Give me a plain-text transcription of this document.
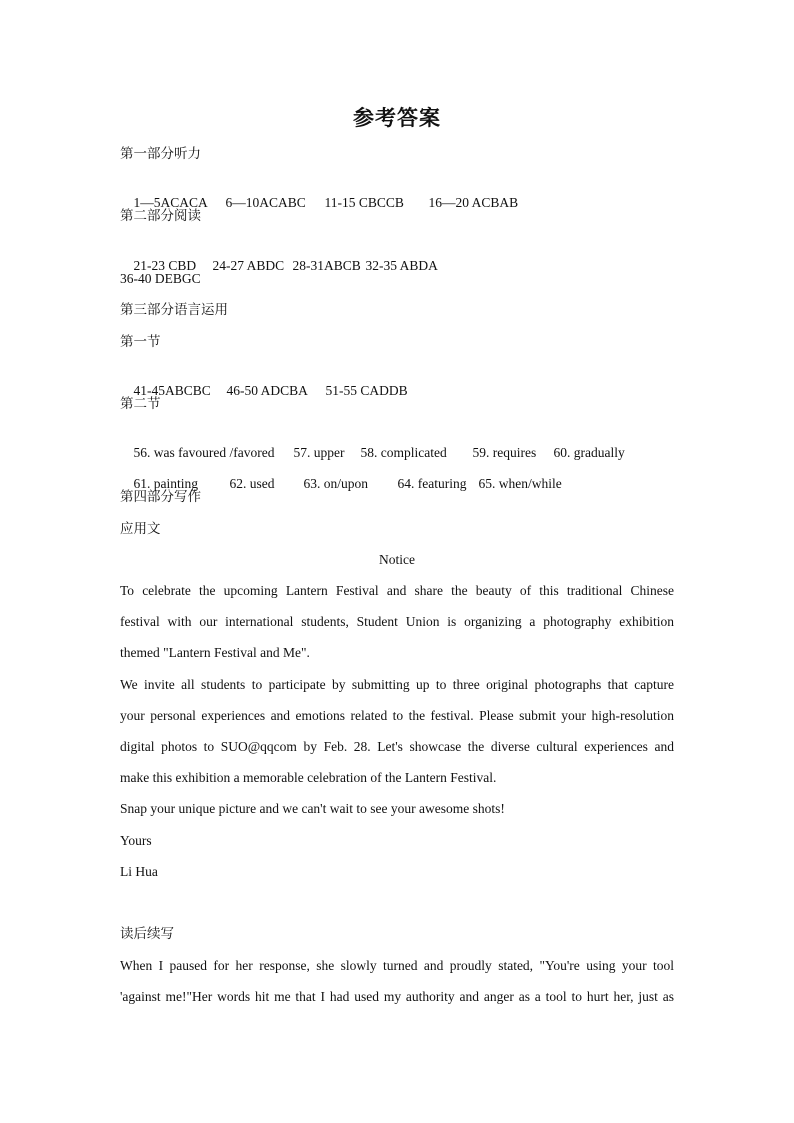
参考答案
第一部分听力

1—5ACACA 6—10ACABC 11-15 CBCCB 16—20 ACBAB

第二部分阅读

21-23 CBD 24-27 ABDC 28-31ABCB 32-35 ABDA

36-40 DEBGC
第三部分语言运用
第一节

41-45ABCBC 46-50 ADCBA 51-55 CADDB

第二节

56. was favoured /favored 57. upper 58. complicated 59. requires 60. gradually

61. painting 62. used 63. on/upon 64. featuring 65. when/while

第四部分写作
应用文
Notice
To celebrate the upcoming Lantern Festival and share the beauty of this traditional Chinese
festival with our international students, Student Union is organizing a photography exhibition
themed "Lantern Festival and Me".
We invite all students to participate by submitting up to three original photographs that capture
your personal experiences and emotions related to the festival. Please submit your high-resolution
digital photos to SUO@qqcom by Feb. 28. Let's showcase the diverse cultural experiences and
make this exhibition a memorable celebration of the Lantern Festival.
Snap your unique picture and we can't wait to see your awesome shots!
Yours
Li Hua
读后续写
When I paused for her response, she slowly turned and proudly stated, "You're using your tool
'against me!"Her words hit me that I had used my authority and anger as a tool to hurt her, just as
